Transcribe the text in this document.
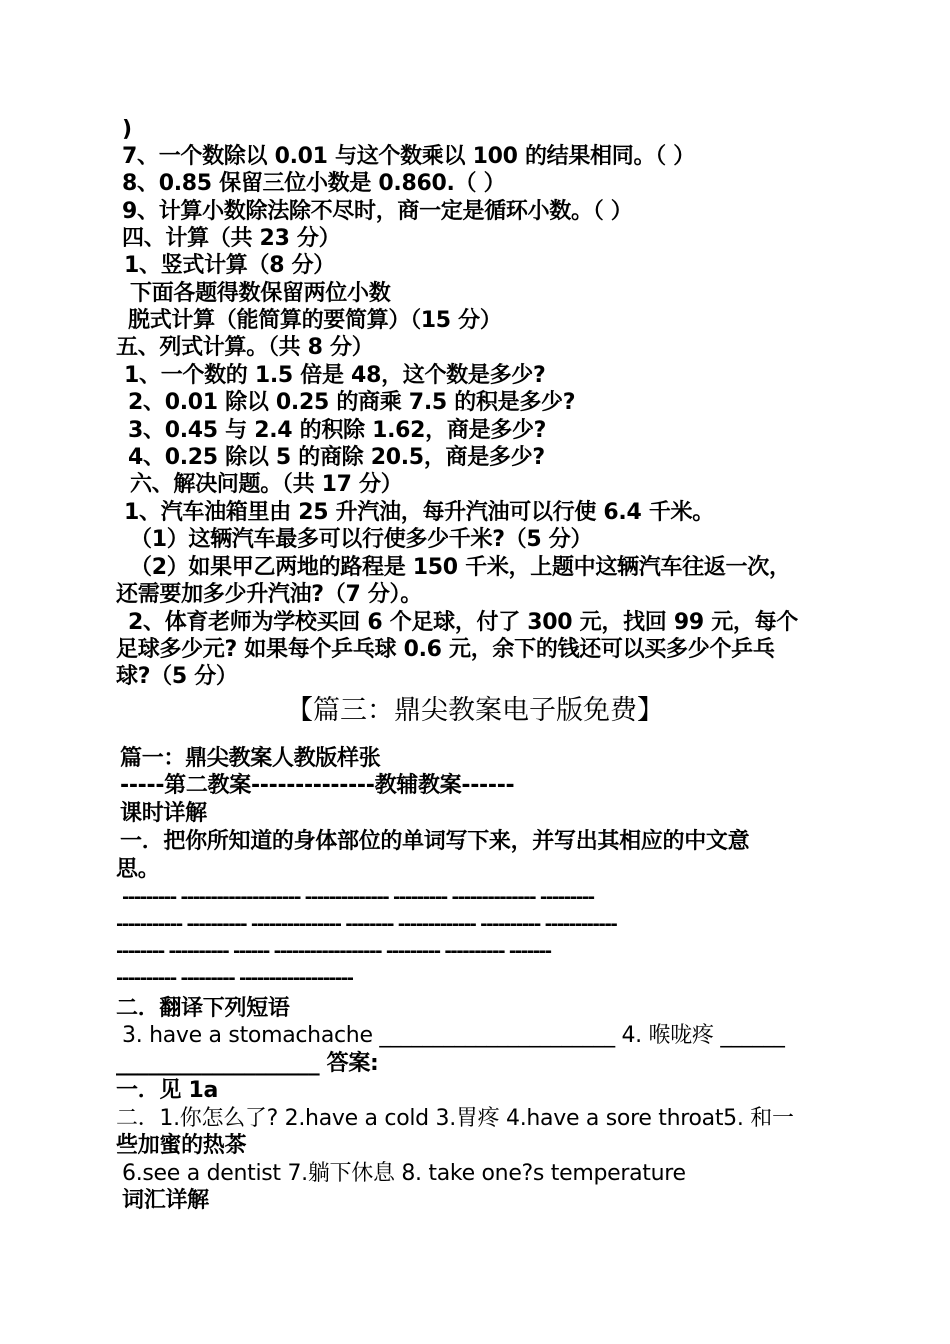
)
7、一个数除以 0.01 与这个数乘以 100 的结果相同。（ ）
8、0.85 保留三位小数是 0.860.（ ）
9、计算小数除法除不尽时，商一定是循环小数。（ ）
四、计算（共 23 分）
1、竖式计算（8 分）
下面各题得数保留两位小数
脱式计算（能简算的要简算）（15 分）
五、列式计算。（共 8 分）
1、一个数的 1.5 倍是 48，这个数是多少?
2、0.01 除以 0.25 的商乘 7.5 的积是多少?
3、0.45 与 2.4 的积除 1.62，商是多少?
4、0.25 除以 5 的商除 20.5，商是多少?
六、解决问题。（共 17 分）
1、汽车油箱里由 25 升汽油，每升汽油可以行使 6.4 千米。
（1）这辆汽车最多可以行使多少千米?（5 分）
（2）如果甲乙两地的路程是 150 千米，上题中这辆汽车往返一次，
还需要加多少升汽油?（7 分）。
2、体育老师为学校买回 6 个足球，付了 300 元，找回 99 元，每个
足球多少元? 如果每个乒乓球 0.6 元，余下的钱还可以买多少个乒乓
球?（5 分）
【篇三：鼎尖教案电子版免费】
篇一：鼎尖教案人教版样张
-----第二教案--------------教辅教案------
课时详解
一．把你所知道的身体部位的单词写下来，并写出其相应的中文意
思。
--------- -------------------- -------------- --------- -------------- ---------
----------- ---------- --------------- -------- ------------- ---------- ------------
-------- ---------- ------ ------------------ --------- ---------- -------
---------- --------- -------------------
二．翻译下列短语
3. have a stomachache ______________________ 4. 喉咙疼 ______
___________________ 答案:
一．见 1a
二．1.你怎么了? 2.have a cold 3.胃疼 4.have a sore throat5. 和一
些加蜜的热茶
6.see a dentist 7.躺下休息 8. take one?s temperature
词汇详解
